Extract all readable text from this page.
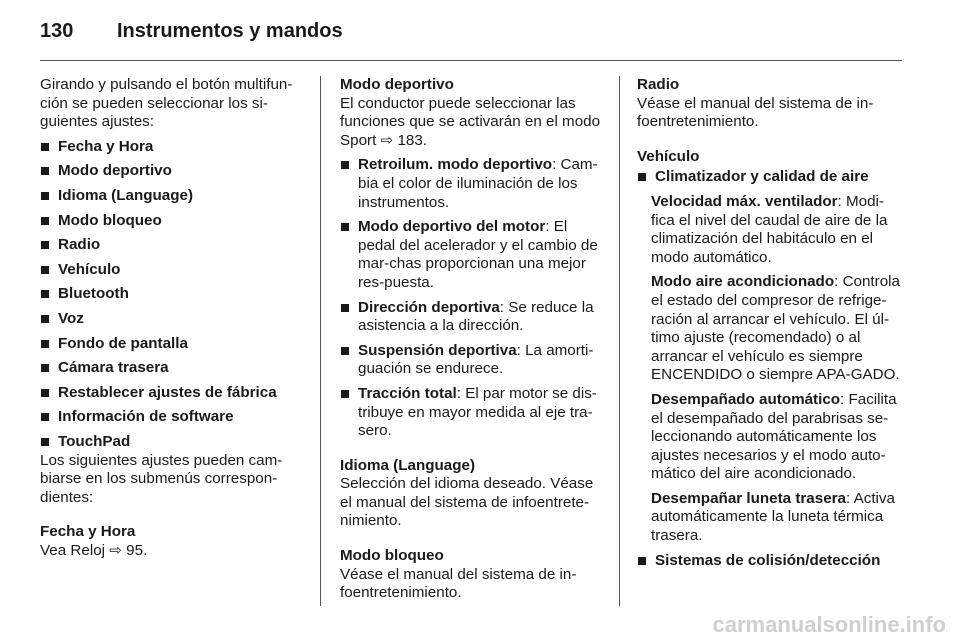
130 Instrumentos y mandos

Girando y pulsando el botón multifun-ción se pueden seleccionar los si-guientes ajustes:

Fecha y Hora
Modo deportivo
Idioma (Language)
Modo bloqueo
Radio
Vehículo
Bluetooth
Voz
Fondo de pantalla
Cámara trasera
Restablecer ajustes de fábrica
Información de software
TouchPad

Los siguientes ajustes pueden cam-biarse en los submenús correspon-dientes:

Fecha y Hora

Vea Reloj ⇨ 95.

Modo deportivo

El conductor puede seleccionar las funciones que se activarán en el modo Sport ⇨ 183.

Retroilum. modo deportivo: Cam-bia el color de iluminación de los instrumentos.
Modo deportivo del motor: El pedal del acelerador y el cambio de mar-chas proporcionan una mejor res-puesta.
Dirección deportiva: Se reduce la asistencia a la dirección.
Suspensión deportiva: La amorti-guación se endurece.
Tracción total: El par motor se dis-tribuye en mayor medida al eje tra-sero.

Idioma (Language)

Selección del idioma deseado. Véase el manual del sistema de infoentrete-nimiento.

Modo bloqueo

Véase el manual del sistema de in-foentretenimiento.

Radio

Véase el manual del sistema de in-foentretenimiento.

Vehículo

Climatizador y calidad de aire
Velocidad máx. ventilador: Modi-fica el nivel del caudal de aire de la climatización del habitáculo en el modo automático.
Modo aire acondicionado: Controla el estado del compresor de refrige-ración al arrancar el vehículo. El úl-timo ajuste (recomendado) o al arrancar el vehículo es siempre ENCENDIDO o siempre APA-GADO.
Desempañado automático: Facilita el desempañado del parabrisas se-leccionando automáticamente los ajustes necesarios y el modo auto-mático del aire acondicionado.
Desempañar luneta trasera: Activa automáticamente la luneta térmica trasera.
Sistemas de colisión/detección
carmanualsonline.info
